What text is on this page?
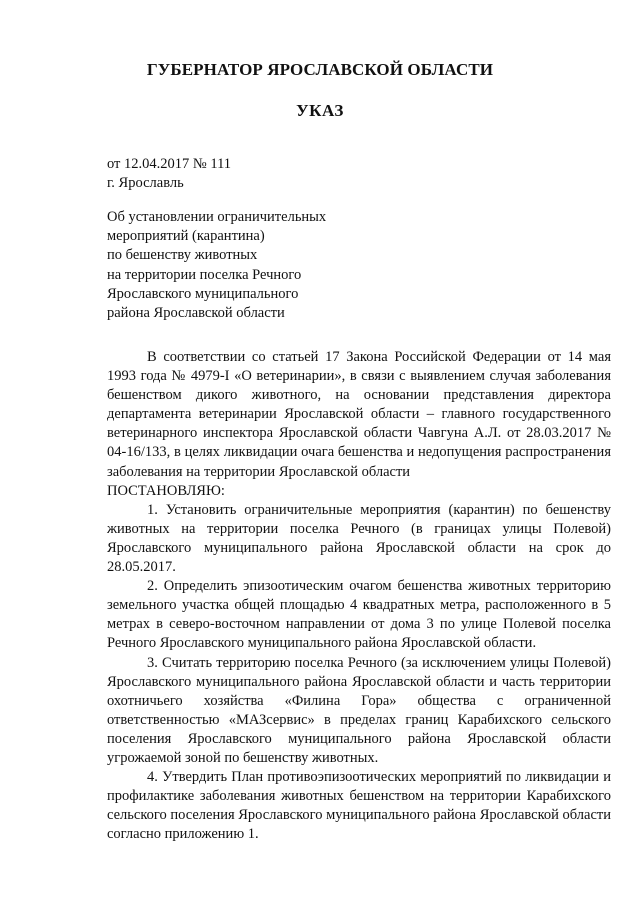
ГУБЕРНАТОР ЯРОСЛАВСКОЙ ОБЛАСТИ
УКАЗ
от 12.04.2017 № 111
г. Ярославль
Об установлении ограничительных
мероприятий (карантина)
по бешенству животных
на территории поселка Речного
Ярославского муниципального
района Ярославской области

В соответствии со статьей 17 Закона Российской Федерации от 14 мая 1993 года № 4979-I «О ветеринарии», в связи с выявлением случая заболевания бешенством дикого животного, на основании представления директора департамента ветеринарии Ярославской области – главного государственного ветеринарного инспектора Ярославской области Чавгуна А.Л. от 28.03.2017 № 04-16/133, в целях ликвидации очага бешенства и недопущения распространения заболевания на территории Ярославской области

ПОСТАНОВЛЯЮ:

1. Установить ограничительные мероприятия (карантин) по бешенству животных на территории поселка Речного (в границах улицы Полевой) Ярославского муниципального района Ярославской области на срок до 28.05.2017.

2. Определить эпизоотическим очагом бешенства животных территорию земельного участка общей площадью 4 квадратных метра, расположенного в 5 метрах в северо-восточном направлении от дома 3 по улице Полевой поселка Речного Ярославского муниципального района Ярославской области.

3. Считать территорию поселка Речного (за исключением улицы Полевой) Ярославского муниципального района Ярославской области и часть территории охотничьего хозяйства «Филина Гора» общества с ограниченной ответственностью «МАЗсервис» в пределах границ Карабихского сельского поселения Ярославского муниципального района Ярославской области угрожаемой зоной по бешенству животных.

4. Утвердить План противоэпизоотических мероприятий по ликвидации и профилактике заболевания животных бешенством на территории Карабихского сельского поселения Ярославского муниципального района Ярославской области согласно приложению 1.
